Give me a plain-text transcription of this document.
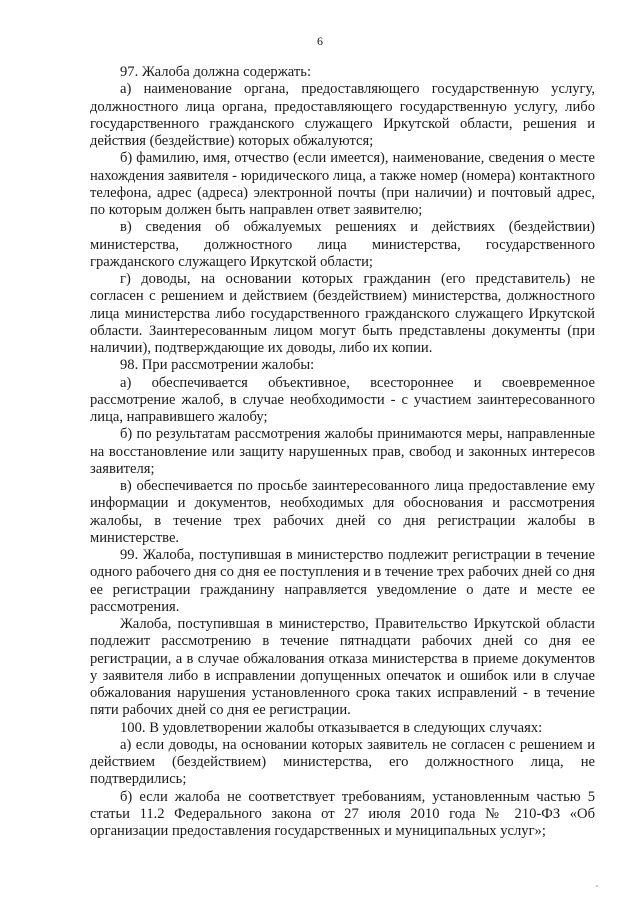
6

97. Жалоба должна содержать:

а) наименование органа, предоставляющего государственную услугу, должностного лица органа, предоставляющего государственную услугу, либо государственного гражданского служащего Иркутской области, решения и действия (бездействие) которых обжалуются;

б) фамилию, имя, отчество (если имеется), наименование, сведения о месте нахождения заявителя - юридического лица, а также номер (номера) контактного телефона, адрес (адреса) электронной почты (при наличии) и почтовый адрес, по которым должен быть направлен ответ заявителю;

в) сведения об обжалуемых решениях и действиях (бездействии) министерства, должностного лица министерства, государственного гражданского служащего Иркутской области;

г) доводы, на основании которых гражданин (его представитель) не согласен с решением и действием (бездействием) министерства, должностного лица министерства либо государственного гражданского служащего Иркутской области. Заинтересованным лицом могут быть представлены документы (при наличии), подтверждающие их доводы, либо их копии.

98. При рассмотрении жалобы:

а) обеспечивается объективное, всестороннее и своевременное рассмотрение жалоб, в случае необходимости - с участием заинтересованного лица, направившего жалобу;

б) по результатам рассмотрения жалобы принимаются меры, направленные на восстановление или защиту нарушенных прав, свобод и законных интересов заявителя;

в) обеспечивается по просьбе заинтересованного лица предоставление ему информации и документов, необходимых для обоснования и рассмотрения жалобы, в течение трех рабочих дней со дня регистрации жалобы в министерстве.

99. Жалоба, поступившая в министерство подлежит регистрации в течение одного рабочего дня со дня ее поступления и в течение трех рабочих дней со дня ее регистрации гражданину направляется уведомление о дате и месте ее рассмотрения.

Жалоба, поступившая в министерство, Правительство Иркутской области подлежит рассмотрению в течение пятнадцати рабочих дней со дня ее регистрации, а в случае обжалования отказа министерства в приеме документов у заявителя либо в исправлении допущенных опечаток и ошибок или в случае обжалования нарушения установленного срока таких исправлений - в течение пяти рабочих дней со дня ее регистрации.

100. В удовлетворении жалобы отказывается в следующих случаях:

а) если доводы, на основании которых заявитель не согласен с решением и действием (бездействием) министерства, его должностного лица, не подтвердились;

б) если жалоба не соответствует требованиям, установленным частью 5 статьи 11.2 Федерального закона от 27 июля 2010 года № 210-ФЗ «Об организации предоставления государственных и муниципальных услуг»;
